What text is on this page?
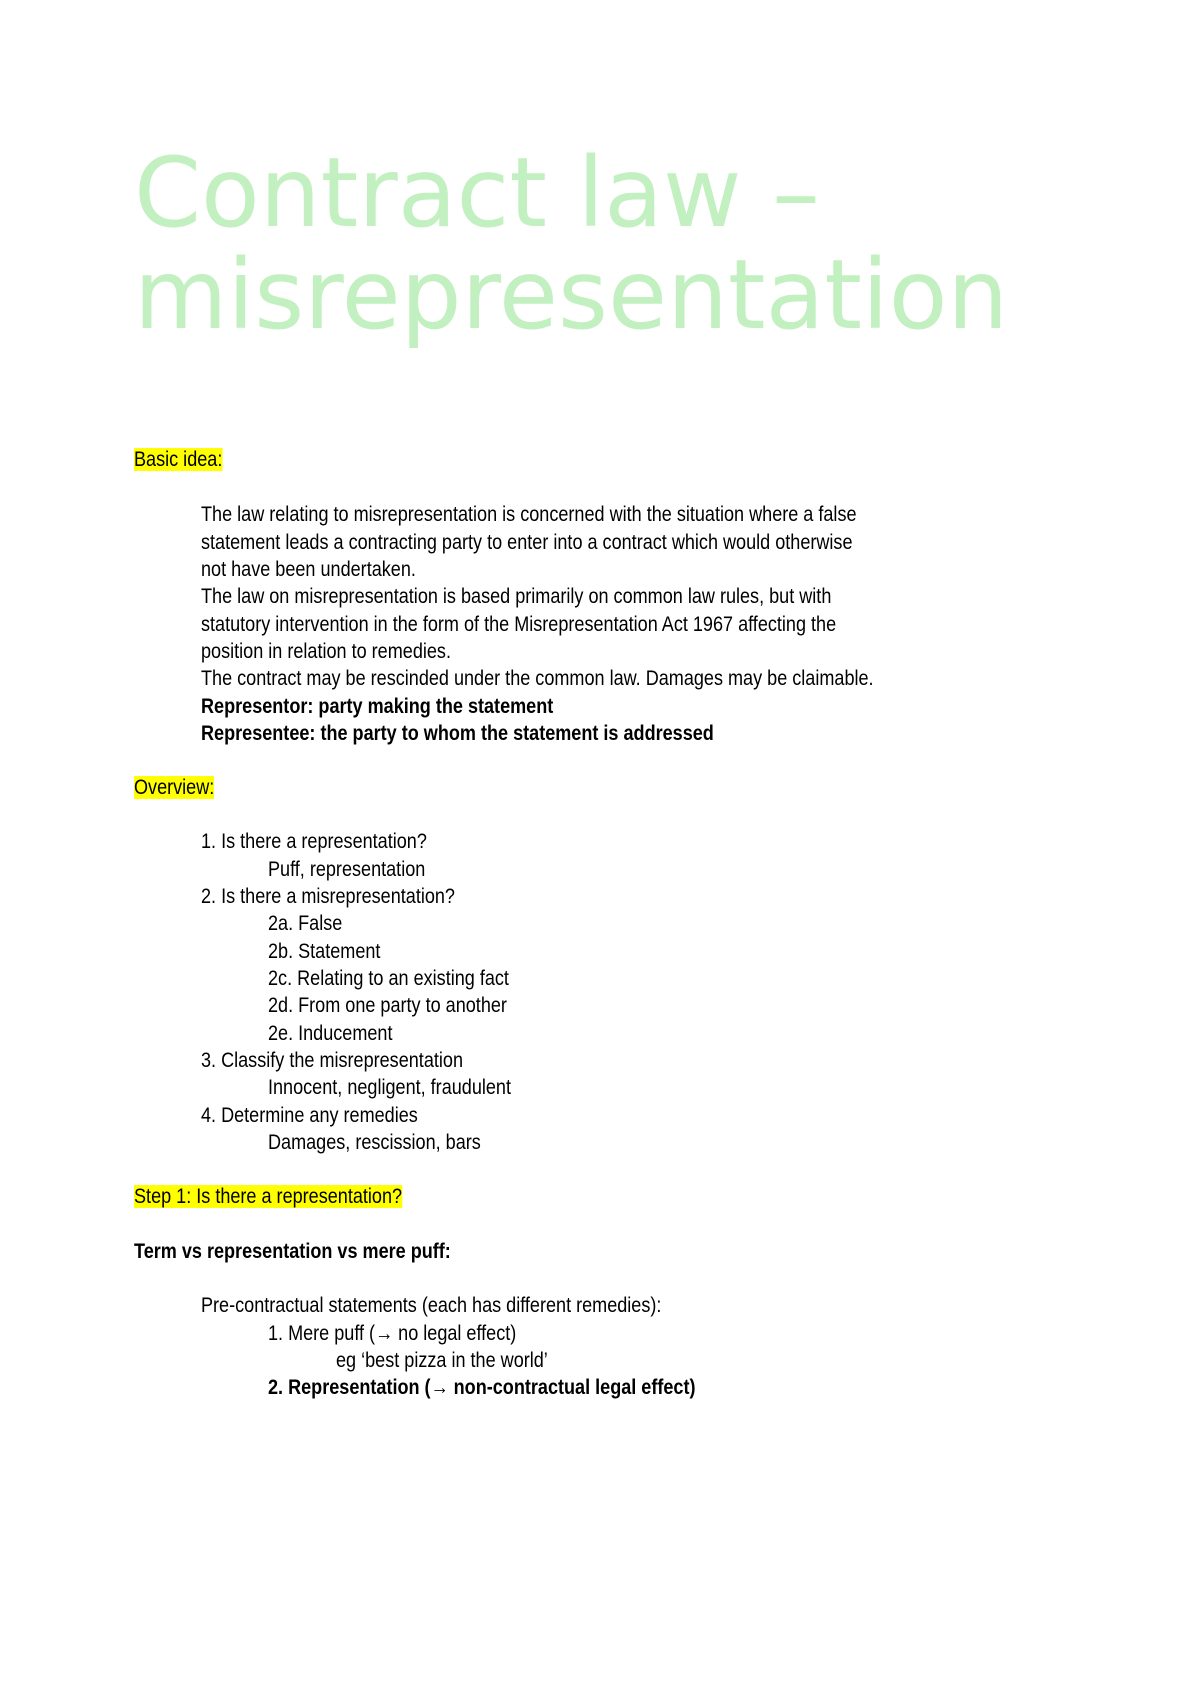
Contract law –
misrepresentation
Basic idea:
The law relating to misrepresentation is concerned with the situation where a false
statement leads a contracting party to enter into a contract which would otherwise
not have been undertaken.
The law on misrepresentation is based primarily on common law rules, but with
statutory intervention in the form of the Misrepresentation Act 1967 affecting the
position in relation to remedies.
The contract may be rescinded under the common law. Damages may be claimable.
Representor: party making the statement
Representee: the party to whom the statement is addressed
Overview:
1. Is there a representation?
Puff, representation
2. Is there a misrepresentation?
2a. False
2b. Statement
2c. Relating to an existing fact
2d. From one party to another
2e. Inducement
3. Classify the misrepresentation
Innocent, negligent, fraudulent
4. Determine any remedies
Damages, rescission, bars
Step 1: Is there a representation?
Term vs representation vs mere puff:
Pre-contractual statements (each has different remedies):
1. Mere puff (→ no legal effect)
eg ‘best pizza in the world’
2. Representation (→ non-contractual legal effect)
